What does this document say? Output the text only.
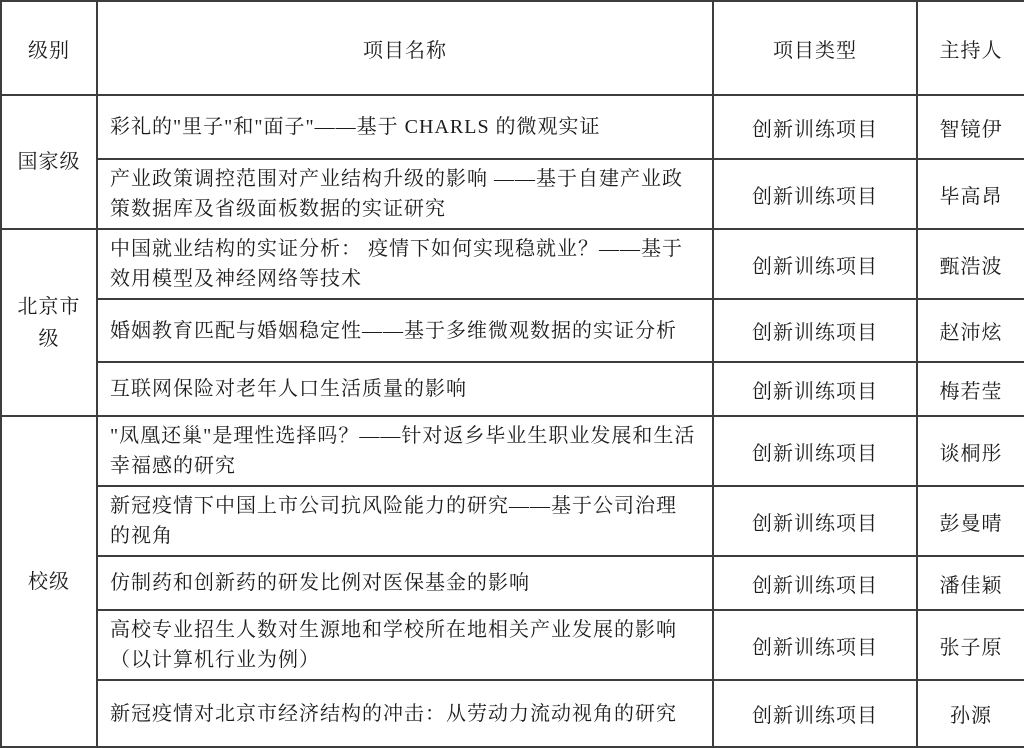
级别	项目名称	项目类型	主持人
国家级	彩礼的"里子"和"面子"——基于 CHARLS 的微观实证	创新训练项目	智镜伊
	产业政策调控范围对产业结构升级的影响 ——基于自建产业政策数据库及省级面板数据的实证研究	创新训练项目	毕高昂
北京市级	中国就业结构的实证分析： 疫情下如何实现稳就业？——基于效用模型及神经网络等技术	创新训练项目	甄浩波
	婚姻教育匹配与婚姻稳定性——基于多维微观数据的实证分析	创新训练项目	赵沛炫
	互联网保险对老年人口生活质量的影响	创新训练项目	梅若莹
校级	"凤凰还巢"是理性选择吗？——针对返乡毕业生职业发展和生活幸福感的研究	创新训练项目	谈桐彤
	新冠疫情下中国上市公司抗风险能力的研究——基于公司治理的视角	创新训练项目	彭曼晴
	仿制药和创新药的研发比例对医保基金的影响	创新训练项目	潘佳颖
	高校专业招生人数对生源地和学校所在地相关产业发展的影响 （以计算机行业为例）	创新训练项目	张子原
	新冠疫情对北京市经济结构的冲击：从劳动力流动视角的研究	创新训练项目	孙源
